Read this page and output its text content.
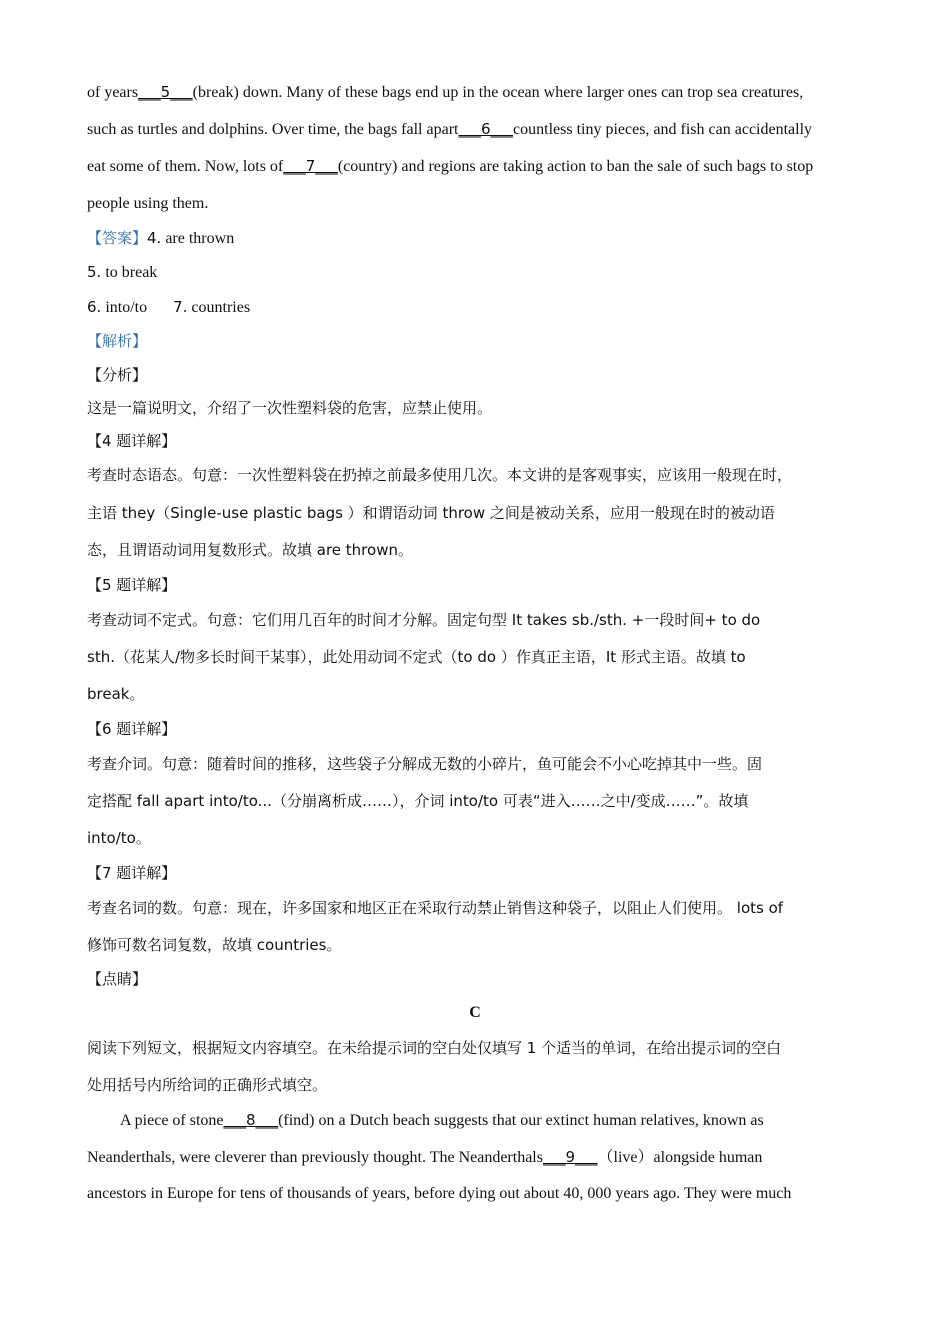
of years___5___(break) down. Many of these bags end up in the ocean where larger ones can trop sea creatures,
such as turtles and dolphins. Over time, the bags fall apart___6___countless tiny pieces, and fish can accidentally
eat some of them. Now, lots of___7___(country) and regions are taking action to ban the sale of such bags to stop
people using them.
【答案】4. are thrown
5. to break
6. into/to 7. countries
【解析】
【分析】
这是一篇说明文，介绍了一次性塑料袋的危害，应禁止使用。
【4 题详解】
考查时态语态。句意：一次性塑料袋在扔掉之前最多使用几次。本文讲的是客观事实，应该用一般现在时，
主语 they（Single-use plastic bags ）和谓语动词 throw 之间是被动关系，应用一般现在时的被动语
态，且谓语动词用复数形式。故填 are thrown。
【5 题详解】
考查动词不定式。句意：它们用几百年的时间才分解。固定句型 It takes sb./sth. +一段时间+ to do
sth.（花某人/物多长时间干某事），此处用动词不定式（to do ）作真正主语，It 形式主语。故填 to
break。
【6 题详解】
考查介词。句意：随着时间的推移，这些袋子分解成无数的小碎片，鱼可能会不小心吃掉其中一些。固
定搭配 fall apart into/to...（分崩离析成……），介词 into/to 可表“进入……之中/变成……”。故填
into/to。
【7 题详解】
考查名词的数。句意：现在，许多国家和地区正在采取行动禁止销售这种袋子，以阻止人们使用。 lots of
修饰可数名词复数，故填 countries。
【点睛】
C
阅读下列短文，根据短文内容填空。在未给提示词的空白处仅填写 1 个适当的单词，在给出提示词的空白
处用括号内所给词的正确形式填空。
A piece of stone___8___(find) on a Dutch beach suggests that our extinct human relatives, known as
Neanderthals, were cleverer than previously thought. The Neanderthals___9___（live）alongside human
ancestors in Europe for tens of thousands of years, before dying out about 40, 000 years ago. They were much
